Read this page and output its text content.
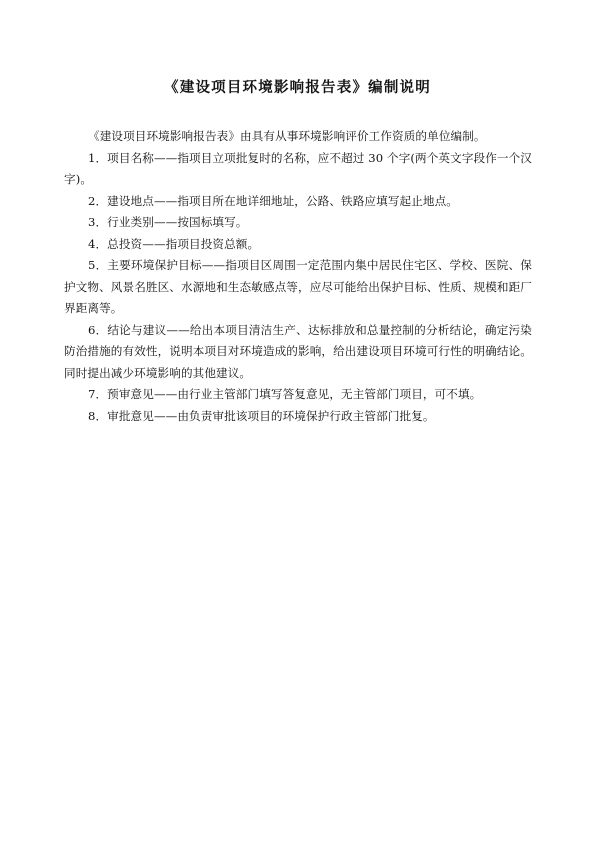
《建设项目环境影响报告表》编制说明

《建设项目环境影响报告表》由具有从事环境影响评价工作资质的单位编制。

1．项目名称——指项目立项批复时的名称，应不超过 30 个字(两个英文字段作一个汉字)。

2．建设地点——指项目所在地详细地址，公路、铁路应填写起止地点。

3．行业类别——按国标填写。

4．总投资——指项目投资总额。

5．主要环境保护目标——指项目区周围一定范围内集中居民住宅区、学校、医院、保护文物、风景名胜区、水源地和生态敏感点等，应尽可能给出保护目标、性质、规模和距厂界距离等。

6．结论与建议——给出本项目清洁生产、达标排放和总量控制的分析结论，确定污染防治措施的有效性，说明本项目对环境造成的影响，给出建设项目环境可行性的明确结论。同时提出减少环境影响的其他建议。

7．预审意见——由行业主管部门填写答复意见，无主管部门项目，可不填。

8．审批意见——由负责审批该项目的环境保护行政主管部门批复。
